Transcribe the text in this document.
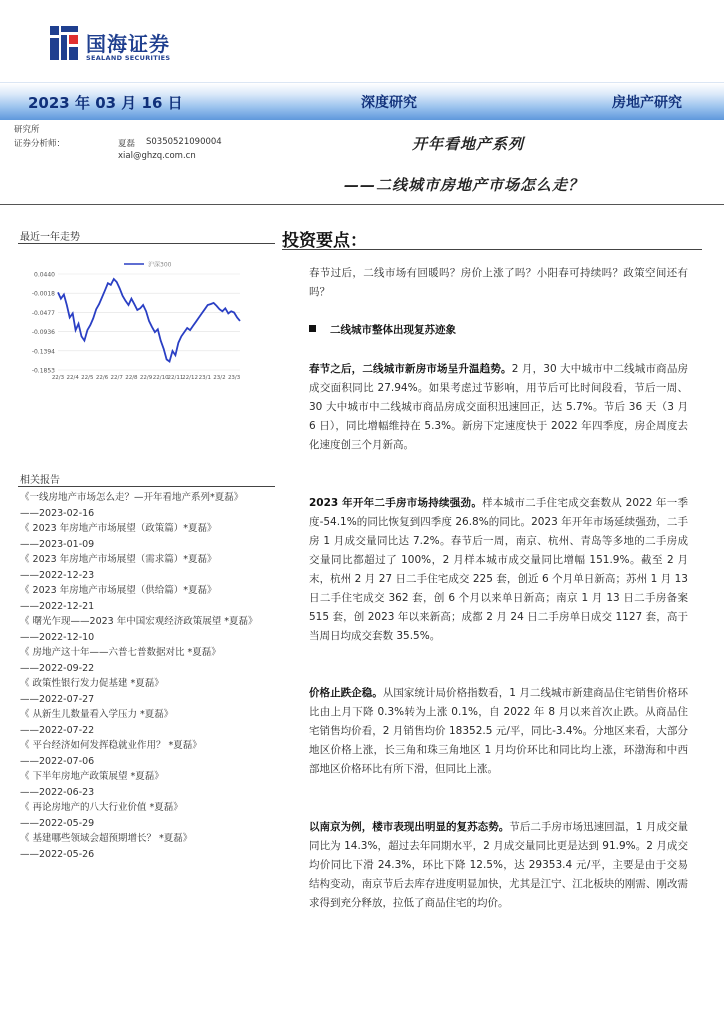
国海证券
SEALAND SECURITIES
2023 年 03 月 16 日	深度研究	房地产研究
研究所
证券分析师：	夏磊 S0350521090004
xial@ghzq.com.cn
开年看地产系列
——二线城市房地产市场怎么走？
最近一年走势
0.0440
-0.0018
-0.0477
-0.0936
-0.1394
-0.1853
22/3 22/4 22/5 22/6 22/7 22/8 22/9 22/10
22/11
22/12 23/1 23/2 23/3
沪深300
相关报告
《一线房地产市场怎么走？—开年看地产系列*夏磊》
——2023-02-16
《 2023 年房地产市场展望（政策篇）*夏磊》
——2023-01-09
《 2023 年房地产市场展望（需求篇）*夏磊》
——2022-12-23
《 2023 年房地产市场展望（供给篇）*夏磊》
——2022-12-21
《 曙光乍现——2023 年中国宏观经济政策展望 *夏磊》
——2022-12-10
《 房地产这十年——六普七普数据对比 *夏磊》
——2022-09-22
《 政策性银行发力促基建 *夏磊》
——2022-07-27
《 从新生儿数量看入学压力 *夏磊》
——2022-07-22
《 平台经济如何发挥稳就业作用？ *夏磊》
——2022-07-06
《 下半年房地产政策展望 *夏磊》
——2022-06-23
《 再论房地产的八大行业价值 *夏磊》
——2022-05-29
《 基建哪些领域会超预期增长？ *夏磊》
——2022-05-26
投资要点：
春节过后，二线市场有回暖吗？房价上涨了吗？小阳春可持续吗？政策空间还有吗？
二线城市整体出现复苏迹象
春节之后，二线城市新房市场呈升温趋势。2 月，30 大中城市中二线城市商品房成交面积同比 27.94%。如果考虑过节影响，用节后可比时间段看，节后一周、30 大中城市中二线城市商品房成交面积迅速回正，达 5.7%。节后 36 天（3 月 6 日），同比增幅维持在 5.3%。新房下定速度快于 2022 年四季度，房企周度去化速度创三个月新高。
2023 年开年二手房市场持续强劲。样本城市二手住宅成交套数从 2022 年一季度-54.1%的同比恢复到四季度 26.8%的同比。2023 年开年市场延续强劲，二手房 1 月成交量同比达 7.2%。春节后一周，南京、杭州、青岛等多地的二手房成交量同比都超过了 100%，2 月样本城市成交量同比增幅 151.9%。截至 2 月末，杭州 2 月 27 日二手住宅成交 225 套，创近 6 个月单日新高；苏州 1 月 13 日二手住宅成交 362 套，创 6 个月以来单日新高；南京 1 月 13 日二手房备案 515 套，创 2023 年以来新高；成都 2 月 24 日二手房单日成交 1127 套，高于当周日均成交套数 35.5%。
价格止跌企稳。从国家统计局价格指数看，1 月二线城市新建商品住宅销售价格环比由上月下降 0.3%转为上涨 0.1%，自 2022 年 8 月以来首次止跌。从商品住宅销售均价看，2 月销售均价 18352.5 元/平，同比-3.4%。分地区来看，大部分地区价格上涨，长三角和珠三角地区 1 月均价环比和同比均上涨，环渤海和中西部地区价格环比有所下滑，但同比上涨。
以南京为例，楼市表现出明显的复苏态势。节后二手房市场迅速回温，1 月成交量同比为 14.3%，超过去年同期水平，2 月成交量同比更是达到 91.9%。2 月成交均价同比下滑 24.3%，环比下降 12.5%，达 29353.4 元/平，主要是由于交易结构变动，南京节后去库存进度明显加快，尤其是江宁、江北板块的刚需、刚改需求得到充分释放，拉低了商品住宅的均价。
